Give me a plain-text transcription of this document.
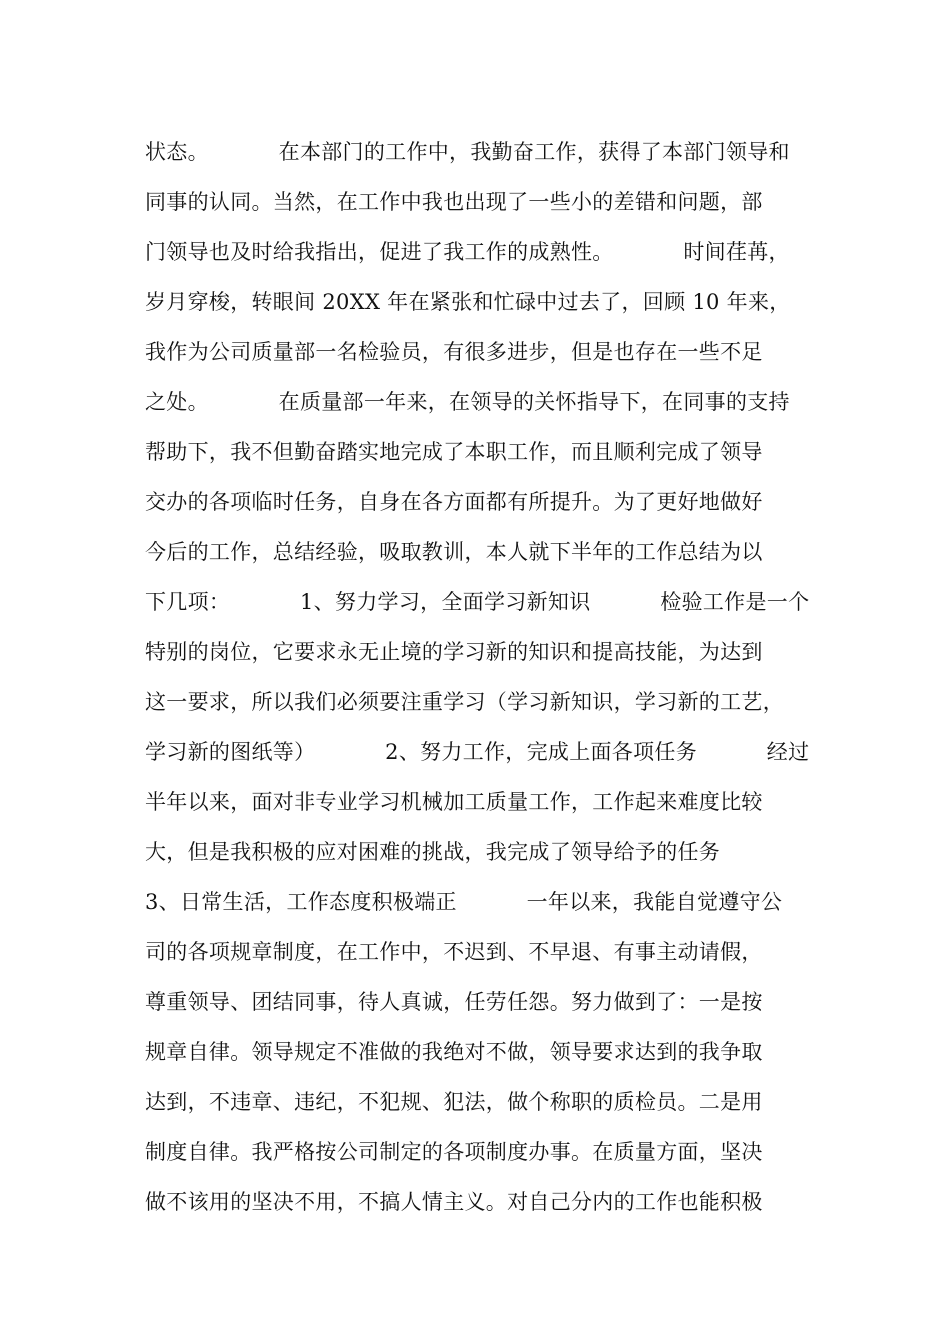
状态。          在本部门的工作中，我勤奋工作，获得了本部门领导和
同事的认同。当然，在工作中我也出现了一些小的差错和问题，部
门领导也及时给我指出，促进了我工作的成熟性。          时间荏苒，
岁月穿梭，转眼间 20XX 年在紧张和忙碌中过去了，回顾 10 年来，
我作为公司质量部一名检验员，有很多进步，但是也存在一些不足
之处。          在质量部一年来，在领导的关怀指导下，在同事的支持
帮助下，我不但勤奋踏实地完成了本职工作，而且顺利完成了领导
交办的各项临时任务，自身在各方面都有所提升。为了更好地做好
今后的工作，总结经验，吸取教训，本人就下半年的工作总结为以
下几项：          1、努力学习，全面学习新知识          检验工作是一个
特别的岗位，它要求永无止境的学习新的知识和提高技能，为达到
这一要求，所以我们必须要注重学习（学习新知识，学习新的工艺，
学习新的图纸等）          2、努力工作，完成上面各项任务          经过
半年以来，面对非专业学习机械加工质量工作，工作起来难度比较
大，但是我积极的应对困难的挑战，我完成了领导给予的任务
3、日常生活，工作态度积极端正          一年以来，我能自觉遵守公
司的各项规章制度，在工作中，不迟到、不早退、有事主动请假，
尊重领导、团结同事，待人真诚，任劳任怨。努力做到了：一是按
规章自律。领导规定不准做的我绝对不做，领导要求达到的我争取
达到，不违章、违纪，不犯规、犯法，做个称职的质检员。二是用
制度自律。我严格按公司制定的各项制度办事。在质量方面，坚决
做不该用的坚决不用，不搞人情主义。对自己分内的工作也能积极
